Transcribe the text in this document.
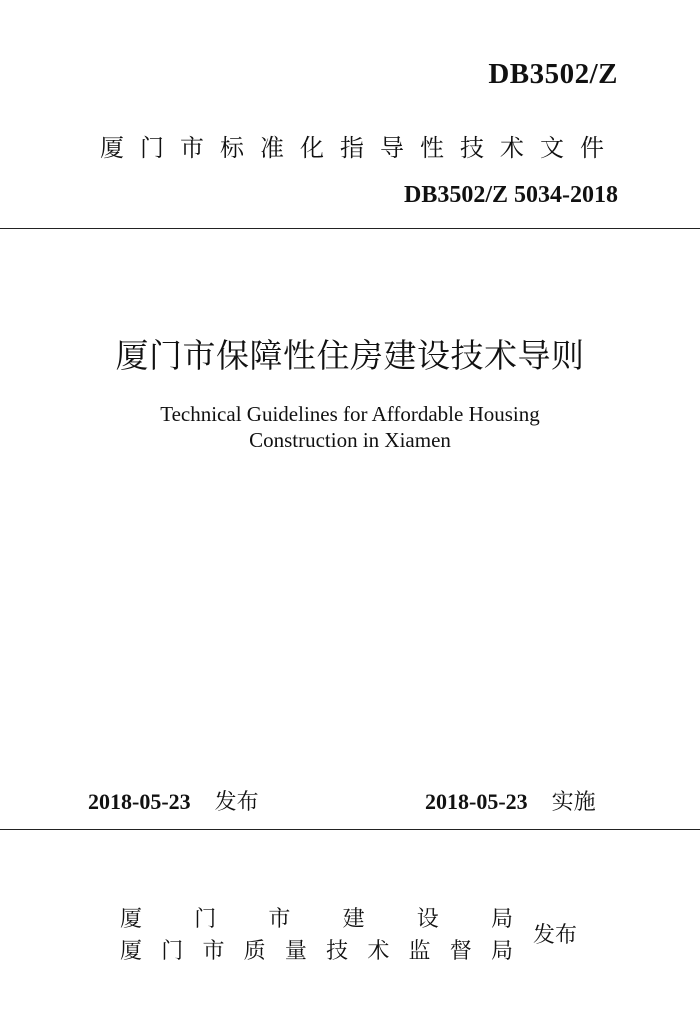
DB3502/Z
厦 门 市 标 准 化 指 导 性 技 术 文 件
DB3502/Z 5034-2018
厦门市保障性住房建设技术导则
Technical Guidelines for Affordable Housing
Construction in Xiamen
2018-05-23 发布	2018-05-23 实施
厦 门 市 建 设 局
厦 门 市 质 量 技 术 监 督 局
发布
